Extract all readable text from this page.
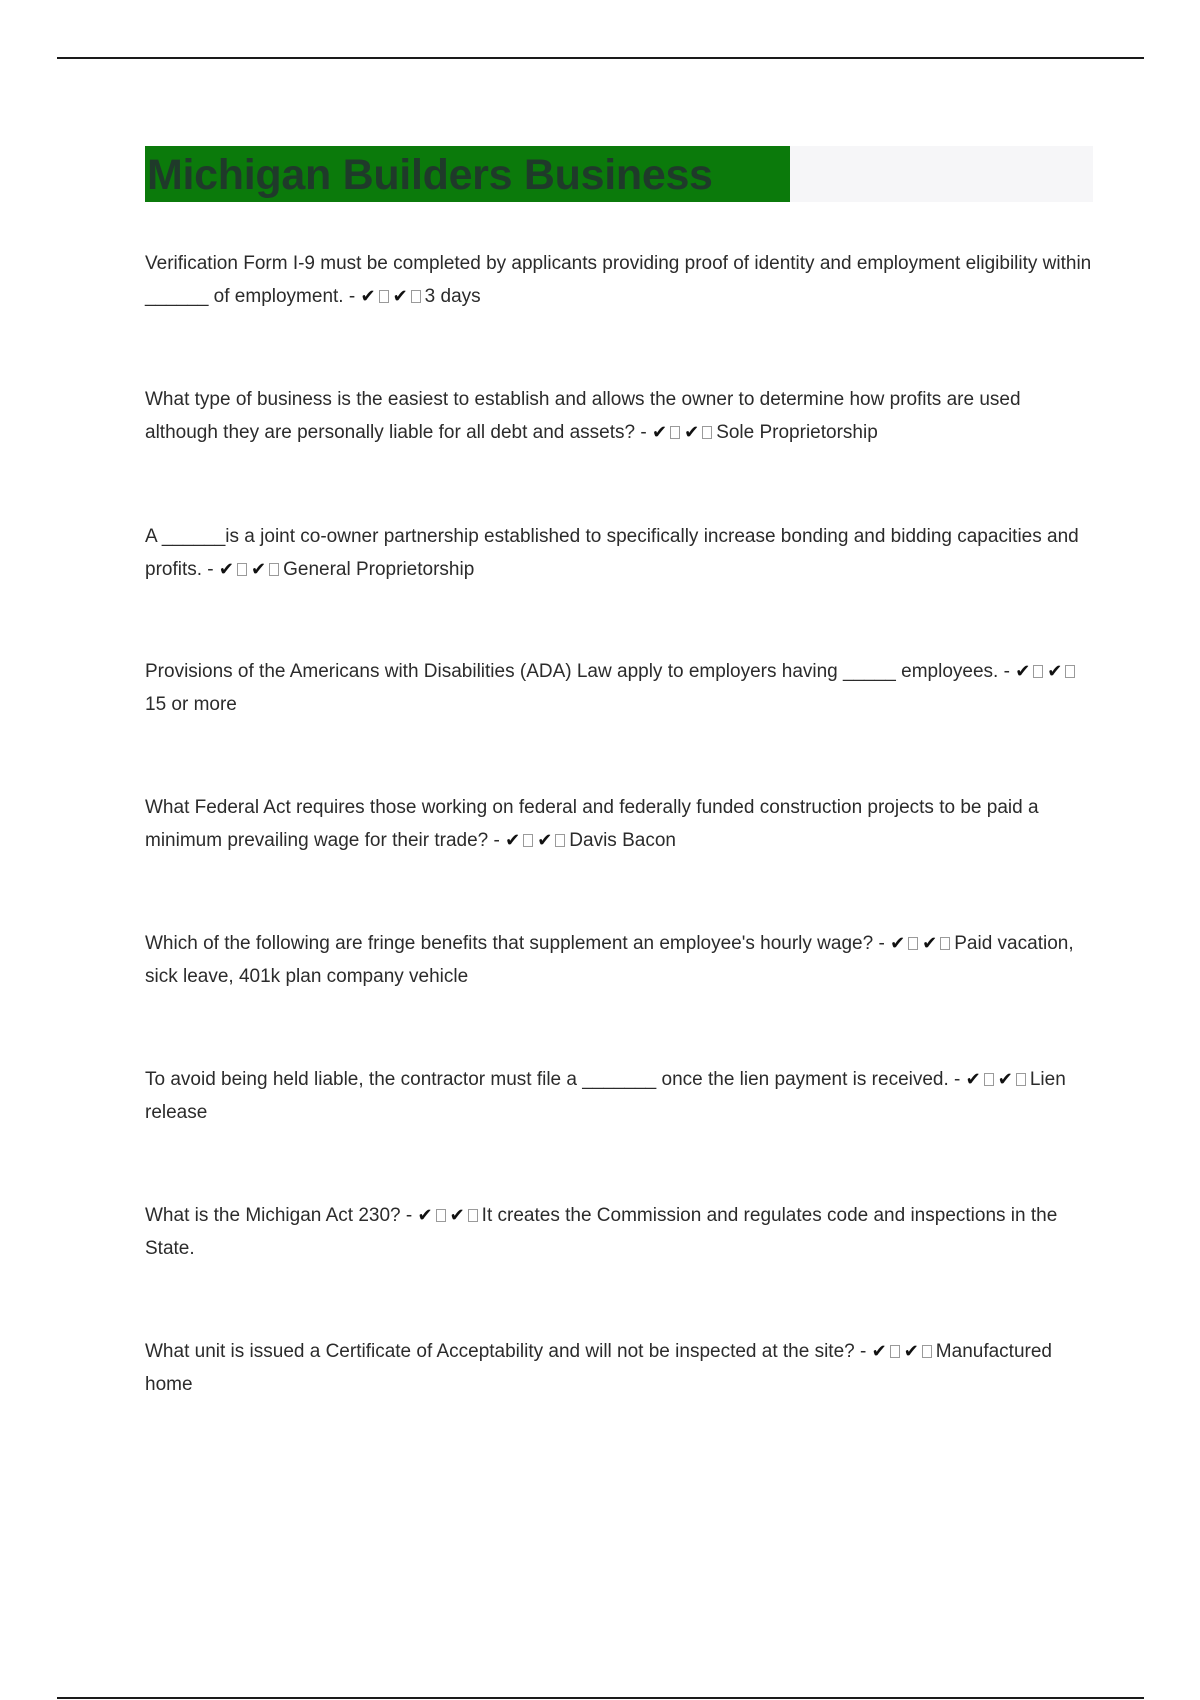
Michigan Builders Business
Verification Form I-9 must be completed by applicants providing proof of identity and employment eligibility within ______ of employment. - ✔ ✔ 3 days
What type of business is the easiest to establish and allows the owner to determine how profits are used although they are personally liable for all debt and assets? - ✔ ✔ Sole Proprietorship
A ______is a joint co-owner partnership established to specifically increase bonding and bidding capacities and profits. - ✔ ✔ General Proprietorship
Provisions of the Americans with Disabilities (ADA) Law apply to employers having _____ employees. - ✔ ✔15 or more
What Federal Act requires those working on federal and federally funded construction projects to be paid a minimum prevailing wage for their trade? - ✔ ✔ Davis Bacon
Which of the following are fringe benefits that supplement an employee's hourly wage? - ✔ ✔ Paid vacation, sick leave, 401k plan company vehicle
To avoid being held liable, the contractor must file a _______ once the lien payment is received. - ✔ ✔ Lien release
What is the Michigan Act 230? - ✔ ✔ It creates the Commission and regulates code and inspections in the State.
What unit is issued a Certificate of Acceptability and will not be inspected at the site? - ✔ ✔ Manufactured home
